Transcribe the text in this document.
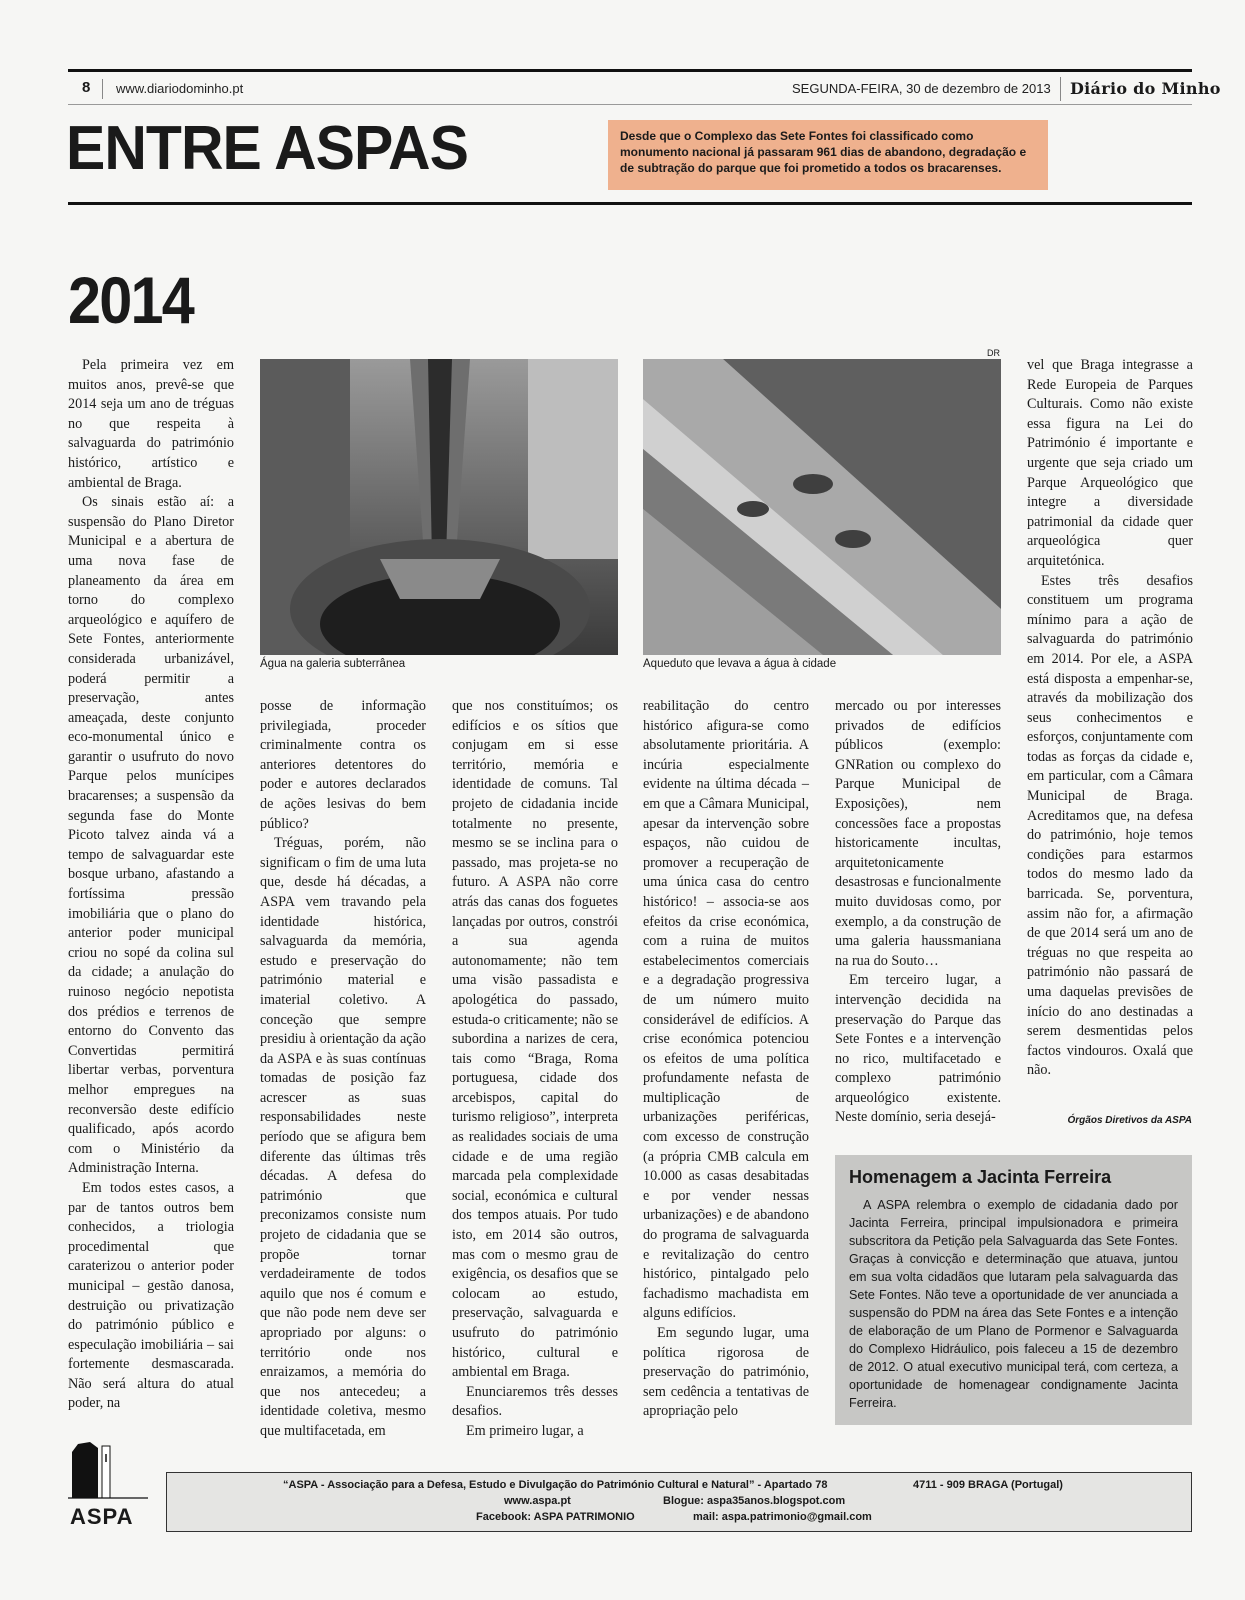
8 www.diariodominho.pt	SEGUNDA-FEIRA, 30 de dezembro de 2013 Diário do Minho
ENTRE ASPAS	Desde que o Complexo das Sete Fontes foi classificado como monumento nacional já passaram 961 dias de abandono, degradação e de subtração do parque que foi prometido a todos os bracarenses.
2014

Pela primeira vez em muitos anos, prevê-se que 2014 seja um ano de tréguas no que respeita à salvaguarda do património histórico, artístico e ambiental de Braga.

Os sinais estão aí: a suspensão do Plano Diretor Municipal e a abertura de uma nova fase de planeamento da área em torno do complexo arqueológico e aquífero de Sete Fontes, anteriormente considerada urbanizável, poderá permitir a preservação, antes ameaçada, deste conjunto eco-monumental único e garantir o usufruto do novo Parque pelos munícipes bracarenses; a suspensão da segunda fase do Monte Picoto talvez ainda vá a tempo de salvaguardar este bosque urbano, afastando a fortíssima pressão imobiliária que o plano do anterior poder municipal criou no sopé da colina sul da cidade; a anulação do ruinoso negócio nepotista dos prédios e terrenos de entorno do Convento das Convertidas permitirá libertar verbas, porventura melhor empregues na reconversão deste edifício qualificado, após acordo com o Ministério da Administração Interna.

Em todos estes casos, a par de tantos outros bem conhecidos, a triologia procedimental que caraterizou o anterior poder municipal – gestão danosa, destruição ou privatização do património público e especulação imobiliária – sai fortemente desmascarada. Não será altura do atual poder, na

Água na galeria subterrânea
DR
Aqueduto que levava a água à cidade

posse de informação privilegiada, proceder criminalmente contra os anteriores detentores do poder e autores declarados de ações lesivas do bem público?

Tréguas, porém, não significam o fim de uma luta que, desde há décadas, a ASPA vem travando pela identidade histórica, salvaguarda da memória, estudo e preservação do património material e imaterial coletivo. A conceção que sempre presidiu à orientação da ação da ASPA e às suas contínuas tomadas de posição faz acrescer as suas responsabilidades neste período que se afigura bem diferente das últimas três décadas. A defesa do património que preconizamos consiste num projeto de cidadania que se propõe tornar verdadeiramente de todos aquilo que nos é comum e que não pode nem deve ser apropriado por alguns: o território onde nos enraizamos, a memória do que nos antecedeu; a identidade coletiva, mesmo que multifacetada, em

que nos constituímos; os edifícios e os sítios que conjugam em si esse território, memória e identidade de comuns. Tal projeto de cidadania incide totalmente no presente, mesmo se se inclina para o passado, mas projeta-se no futuro. A ASPA não corre atrás das canas dos foguetes lançadas por outros, constrói a sua agenda autonomamente; não tem uma visão passadista e apologética do passado, estuda-o criticamente; não se subordina a narizes de cera, tais como “Braga, Roma portuguesa, cidade dos arcebispos, capital do turismo religioso”, interpreta as realidades sociais de uma cidade e de uma região marcada pela complexidade social, económica e cultural dos tempos atuais. Por tudo isto, em 2014 são outros, mas com o mesmo grau de exigência, os desafios que se colocam ao estudo, preservação, salvaguarda e usufruto do património histórico, cultural e ambiental em Braga.

Enunciaremos três desses desafios.

Em primeiro lugar, a

reabilitação do centro histórico afigura-se como absolutamente prioritária. A incúria especialmente evidente na última década – em que a Câmara Municipal, apesar da intervenção sobre espaços, não cuidou de promover a recuperação de uma única casa do centro histórico! – associa-se aos efeitos da crise económica, com a ruina de muitos estabelecimentos comerciais e a degradação progressiva de um número muito considerável de edifícios. A crise económica potenciou os efeitos de uma política profundamente nefasta de multiplicação de urbanizações periféricas, com excesso de construção (a própria CMB calcula em 10.000 as casas desabitadas e por vender nessas urbanizações) e de abandono do programa de salvaguarda e revitalização do centro histórico, pintalgado pelo fachadismo machadista em alguns edifícios.

Em segundo lugar, uma política rigorosa de preservação do património, sem cedência a tentativas de apropriação pelo

mercado ou por interesses privados de edifícios públicos (exemplo: GNRation ou complexo do Parque Municipal de Exposições), nem concessões face a propostas historicamente incultas, arquitetonicamente desastrosas e funcionalmente muito duvidosas como, por exemplo, a da construção de uma galeria haussmaniana na rua do Souto…

Em terceiro lugar, a intervenção decidida na preservação do Parque das Sete Fontes e a intervenção no rico, multifacetado e complexo património arqueológico existente. Neste domínio, seria desejá-

vel que Braga integrasse a Rede Europeia de Parques Culturais. Como não existe essa figura na Lei do Património é importante e urgente que seja criado um Parque Arqueológico que integre a diversidade patrimonial da cidade quer arqueológica quer arquitetónica.

Estes três desafios constituem um programa mínimo para a ação de salvaguarda do património em 2014. Por ele, a ASPA está disposta a empenhar-se, através da mobilização dos seus conhecimentos e esforços, conjuntamente com todas as forças da cidade e, em particular, com a Câmara Municipal de Braga. Acreditamos que, na defesa do património, hoje temos condições para estarmos todos do mesmo lado da barricada. Se, porventura, assim não for, a afirmação de que 2014 será um ano de tréguas no que respeita ao património não passará de uma daquelas previsões de início do ano destinadas a serem desmentidas pelos factos vindouros. Oxalá que não.

Órgãos Diretivos da ASPA
Homenagem a Jacinta Ferreira
A ASPA relembra o exemplo de cidadania dado por Jacinta Ferreira, principal impulsionadora e primeira subscritora da Petição pela Salvaguarda das Sete Fontes. Graças à convicção e determinação que atuava, juntou em sua volta cidadãos que lutaram pela salvaguarda das Sete Fontes. Não teve a oportunidade de ver anunciada a suspensão do PDM na área das Sete Fontes e a intenção de elaboração de um Plano de Pormenor e Salvaguarda do Complexo Hidráulico, pois faleceu a 15 de dezembro de 2012. O atual executivo municipal terá, com certeza, a oportunidade de homenagear condignamente Jacinta Ferreira.
ASPA
“ASPA - Associação para a Defesa, Estudo e Divulgação do Património Cultural e Natural” - Apartado 78	4711 - 909 BRAGA (Portugal)
www.aspa.pt	Blogue: aspa35anos.blogspot.com
Facebook: ASPA PATRIMONIO	mail: aspa.patrimonio@gmail.com
